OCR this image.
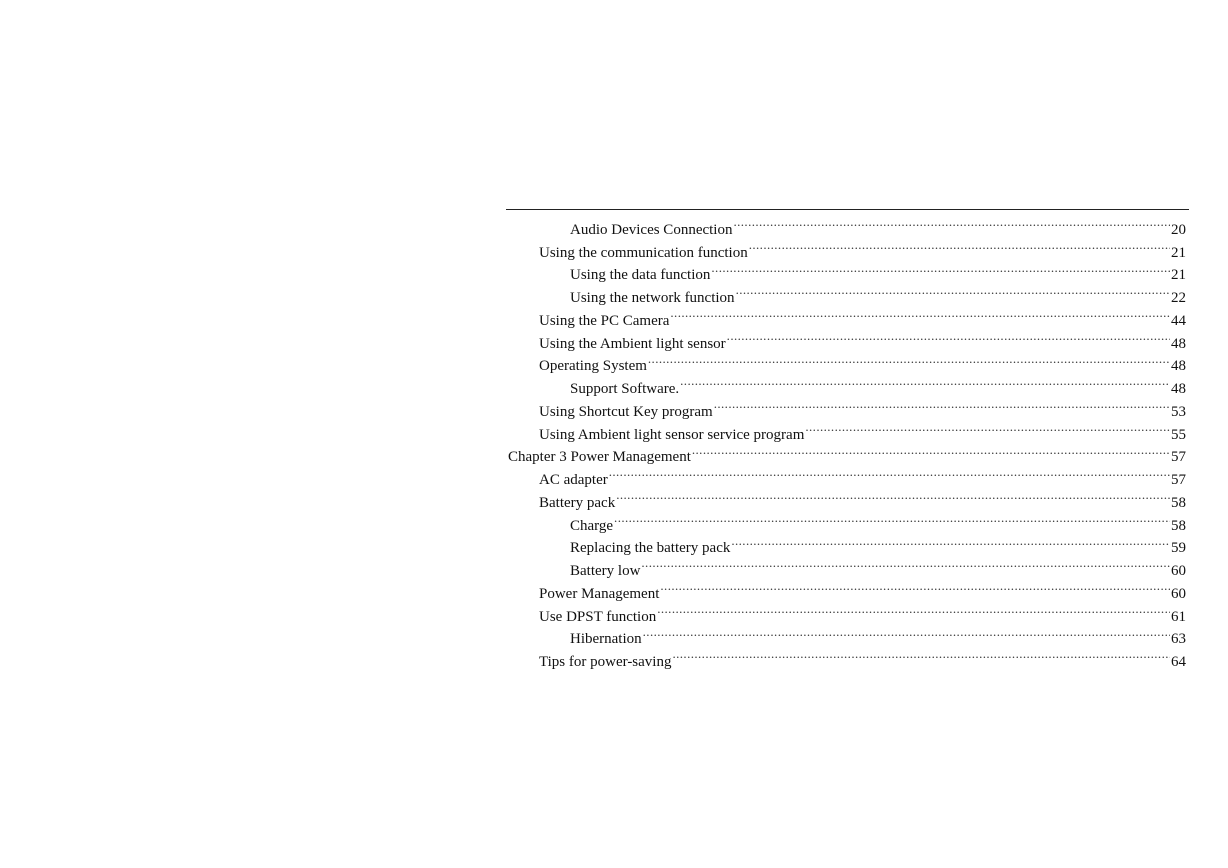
Audio Devices Connection .....	20
Using the communication function .....	21
Using the data function .....	21
Using the network function .....	22
Using the PC Camera .....	44
Using the Ambient light sensor .....	48
Operating System .....	48
Support Software. .....	48
Using Shortcut Key program .....	53
Using Ambient light sensor service program .....	55
Chapter 3 Power Management .....	57
AC adapter .....	57
Battery pack .....	58
Charge .....	58
Replacing the battery pack .....	59
Battery low .....	60
Power Management .....	60
Use DPST function .....	61
Hibernation .....	63
Tips for power-saving .....	64
